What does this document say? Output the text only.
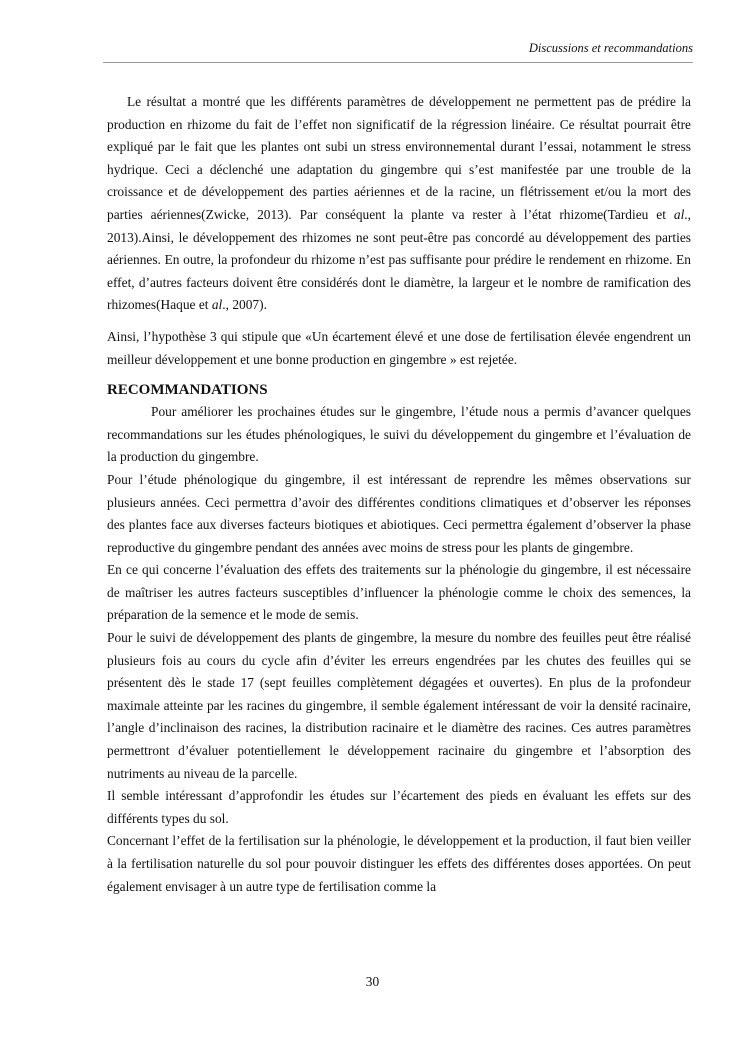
Discussions et recommandations

Le résultat a montré que les différents paramètres de développement ne permettent pas de prédire la production en rhizome du fait de l’effet non significatif de la régression linéaire. Ce résultat pourrait être expliqué par le fait que les plantes ont subi un stress environnemental durant l’essai, notamment le stress hydrique. Ceci a déclenché une adaptation du gingembre qui s’est manifestée par une trouble de la croissance et de développement des parties aériennes et de la racine, un flétrissement et/ou la mort des parties aériennes(Zwicke, 2013). Par conséquent la plante va rester à l’état rhizome(Tardieu et al., 2013).Ainsi, le développement des rhizomes ne sont peut-être pas concordé au développement des parties aériennes. En outre, la profondeur du rhizome n’est pas suffisante pour prédire le rendement en rhizome. En effet, d’autres facteurs doivent être considérés dont le diamètre, la largeur et le nombre de ramification des rhizomes(Haque et al., 2007).

Ainsi, l’hypothèse 3 qui stipule que «Un écartement élevé et une dose de fertilisation élevée engendrent un meilleur développement et une bonne production en gingembre » est rejetée.

RECOMMANDATIONS

Pour améliorer les prochaines études sur le gingembre, l’étude nous a permis d’avancer quelques recommandations sur les études phénologiques, le suivi du développement du gingembre et l’évaluation de la production du gingembre.

Pour l’étude phénologique du gingembre, il est intéressant de reprendre les mêmes observations sur plusieurs années. Ceci permettra d’avoir des différentes conditions climatiques et d’observer les réponses des plantes face aux diverses facteurs biotiques et abiotiques. Ceci permettra également d’observer la phase reproductive du gingembre pendant des années avec moins de stress pour les plants de gingembre.

En ce qui concerne l’évaluation des effets des traitements sur la phénologie du gingembre, il est nécessaire de maîtriser les autres facteurs susceptibles d’influencer la phénologie comme le choix des semences, la préparation de la semence et le mode de semis.

Pour le suivi de développement des plants de gingembre, la mesure du nombre des feuilles peut être réalisé plusieurs fois au cours du cycle afin d’éviter les erreurs engendrées par les chutes des feuilles qui se présentent dès le stade 17 (sept feuilles complètement dégagées et ouvertes). En plus de la profondeur maximale atteinte par les racines du gingembre, il semble également intéressant de voir la densité racinaire, l’angle d’inclinaison des racines, la distribution racinaire et le diamètre des racines. Ces autres paramètres permettront d’évaluer potentiellement le développement racinaire du gingembre et l’absorption des nutriments au niveau de la parcelle.

Il semble intéressant d’approfondir les études sur l’écartement des pieds en évaluant les effets sur des différents types du sol.

Concernant l’effet de la fertilisation sur la phénologie, le développement et la production, il faut bien veiller à la fertilisation naturelle du sol pour pouvoir distinguer les effets des différentes doses apportées. On peut également envisager à un autre type de fertilisation comme la

30
